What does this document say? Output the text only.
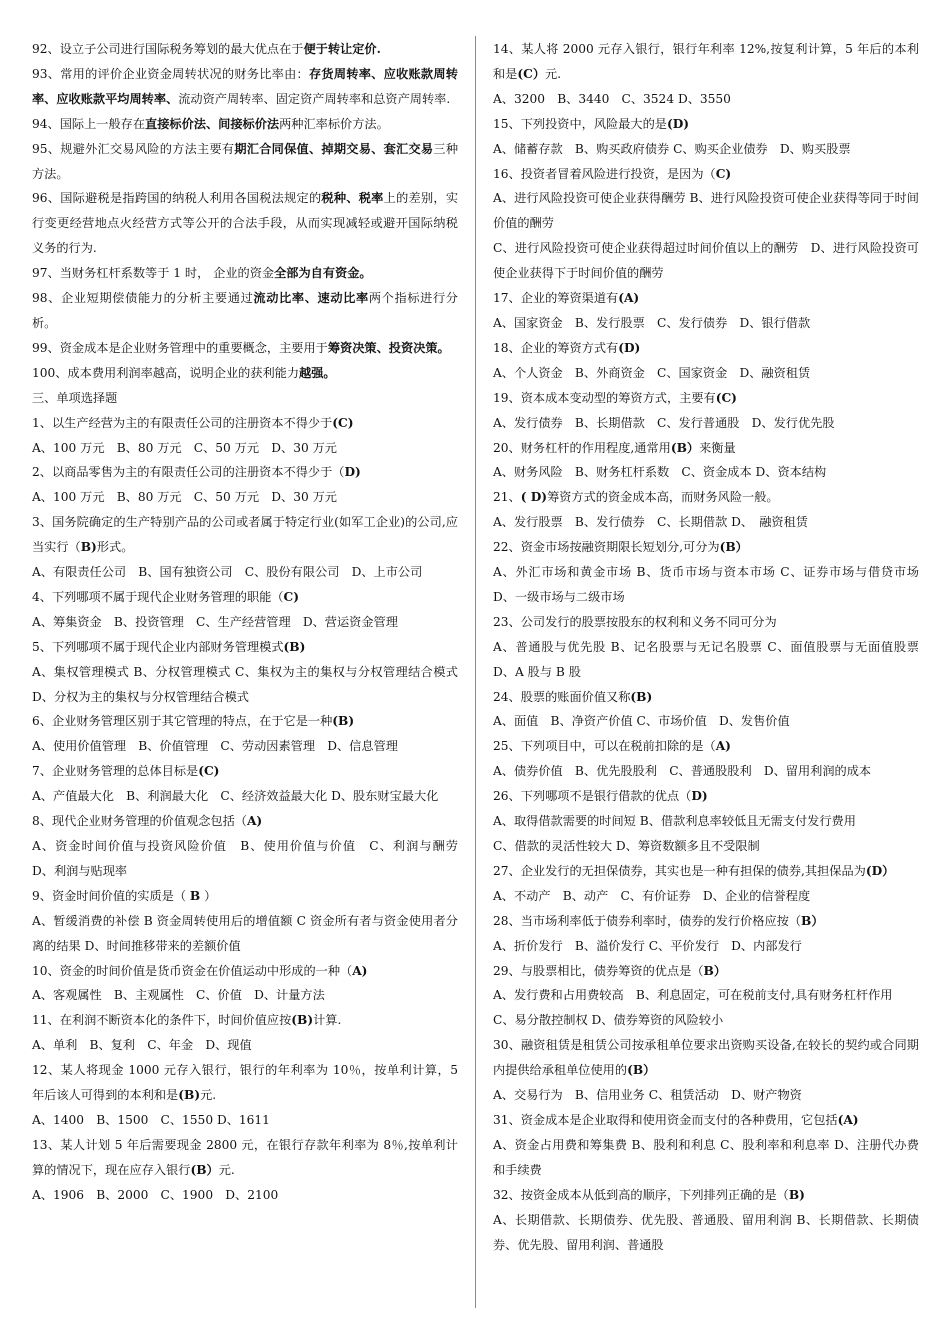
92、设立子公司进行国际税务筹划的最大优点在于便于转让定价.

93、常用的评价企业资金周转状况的财务比率由：存货周转率、应收账款周转率、应收账款平均周转率、流动资产周转率、固定资产周转率和总资产周转率.

94、国际上一般存在直接标价法、间接标价法两种汇率标价方法。

95、规避外汇交易风险的方法主要有期汇合同保值、掉期交易、套汇交易三种方法。

96、国际避税是指跨国的纳税人利用各国税法规定的税种、税率上的差别，实行变更经营地点火经营方式等公开的合法手段，从而实现减轻或避开国际纳税义务的行为.

97、当财务杠杆系数等于 1 时， 企业的资金全部为自有资金。

98、企业短期偿债能力的分析主要通过流动比率、速动比率两个指标进行分析。

99、资金成本是企业财务管理中的重要概念，主要用于筹资决策、投资决策。

100、成本费用利润率越高，说明企业的获利能力越强。

三、单项选择题

1、以生产经营为主的有限责任公司的注册资本不得少于(C)

A、100 万元　B、80 万元　C、50 万元　D、30 万元

2、以商品零售为主的有限责任公司的注册资本不得少于（D)

A、100 万元　B、80 万元　C、50 万元　D、30 万元

3、国务院确定的生产特别产品的公司或者属于特定行业(如军工企业)的公司,应当实行（B)形式。

A、有限责任公司　B、国有独资公司　C、股份有限公司　D、上市公司

4、下列哪项不属于现代企业财务管理的职能（C)

A、筹集资金　B、投资管理　C、生产经营管理　D、营运资金管理

5、下列哪项不属于现代企业内部财务管理模式(B)

A、集权管理模式 B、分权管理模式 C、集权为主的集权与分权管理结合模式 D、分权为主的集权与分权管理结合模式

6、企业财务管理区别于其它管理的特点，在于它是一种(B)

A、使用价值管理　B、价值管理　C、劳动因素管理　D、信息管理

7、企业财务管理的总体目标是(C)

A、产值最大化　B、利润最大化　C、经济效益最大化 D、股东财宝最大化

8、现代企业财务管理的价值观念包括（A)

A、资金时间价值与投资风险价值　B、使用价值与价值　C、利润与酬劳　D、利润与贴现率

9、资金时间价值的实质是（ B ）

A、暂缓消费的补偿 B 资金周转使用后的增值额 C 资金所有者与资金使用者分离的结果 D、时间推移带来的差额价值

10、资金的时间价值是货币资金在价值运动中形成的一种（A)

A、客观属性　B、主观属性　C、价值　D、计量方法

11、在利润不断资本化的条件下，时间价值应按(B)计算.

A、单利　B、复利　C、年金　D、现值

12、某人将现金 1000 元存入银行，银行的年利率为 10％，按单利计算，5 年后该人可得到的本利和是(B)元.

A、1400　B、1500　C、1550 D、1611

13、某人计划 5 年后需要现金 2800 元，在银行存款年利率为 8％,按单利计算的情况下，现在应存入银行(B）元.

A、1906　B、2000　C、1900　D、2100

14、某人将 2000 元存入银行，银行年利率 12%,按复利计算，5 年后的本利和是(C）元.

A、3200　B、3440　C、3524 D、3550

15、下列投资中，风险最大的是(D)

A、储蓄存款　B、购买政府债券 C、购买企业债券　D、购买股票

16、投资者冒着风险进行投资，是因为（C)

A、进行风险投资可使企业获得酬劳 B、进行风险投资可使企业获得等同于时间价值的酬劳

C、进行风险投资可使企业获得超过时间价值以上的酬劳　D、进行风险投资可使企业获得下于时间价值的酬劳

17、企业的筹资渠道有(A)

A、国家资金　B、发行股票　C、发行债券　D、银行借款

18、企业的筹资方式有(D)

A、个人资金　B、外商资金　C、国家资金　D、融资租赁

19、资本成本变动型的筹资方式，主要有(C)

A、发行债券　B、长期借款　C、发行普通股　D、发行优先股

20、财务杠杆的作用程度,通常用(B）来衡量

A、财务风险　B、财务杠杆系数　C、资金成本 D、资本结构

21、( D)筹资方式的资金成本高，而财务风险一般。

A、发行股票　B、发行债券　C、长期借款 D、　融资租赁

22、资金市场按融资期限长短划分,可分为(B）

A、外汇市场和黄金市场 B、货币市场与资本市场 C、证券市场与借贷市场 D、一级市场与二级市场

23、公司发行的股票按股东的权利和义务不同可分为

A、普通股与优先股 B、记名股票与无记名股票 C、面值股票与无面值股票 D、A 股与 B 股

24、股票的账面价值又称(B)

A、面值　B、净资产价值 C、市场价值　D、发售价值

25、下列项目中，可以在税前扣除的是（A)

A、债券价值　B、优先股股利　C、普通股股利　D、留用利润的成本

26、下列哪项不是银行借款的优点（D)

A、取得借款需要的时间短 B、借款利息率较低且无需支付发行费用

C、借款的灵活性较大 D、筹资数额多且不受限制

27、企业发行的无担保债券，其实也是一种有担保的债券,其担保品为(D）

A、不动产　B、动产　C、有价证券　D、企业的信誉程度

28、当市场利率低于债券利率时，债券的发行价格应按（B）

A、折价发行　B、溢价发行 C、平价发行　D、内部发行

29、与股票相比，债券筹资的优点是（B）

A、发行费和占用费较高　B、利息固定，可在税前支付,具有财务杠杆作用

C、易分散控制权 D、债券筹资的风险较小

30、融资租赁是租赁公司按承租单位要求出资购买设备,在较长的契约或合同期内提供给承租单位使用的(B）

A、交易行为　B、信用业务 C、租赁活动　D、财产物资

31、资金成本是企业取得和使用资金而支付的各种费用，它包括(A)

A、资金占用费和筹集费 B、股利和利息 C、股利率和利息率 D、注册代办费和手续费

32、按资金成本从低到高的顺序，下列排列正确的是（B)

A、长期借款、长期债券、优先股、普通股、留用利润 B、长期借款、长期债券、优先股、留用利润、普通股
